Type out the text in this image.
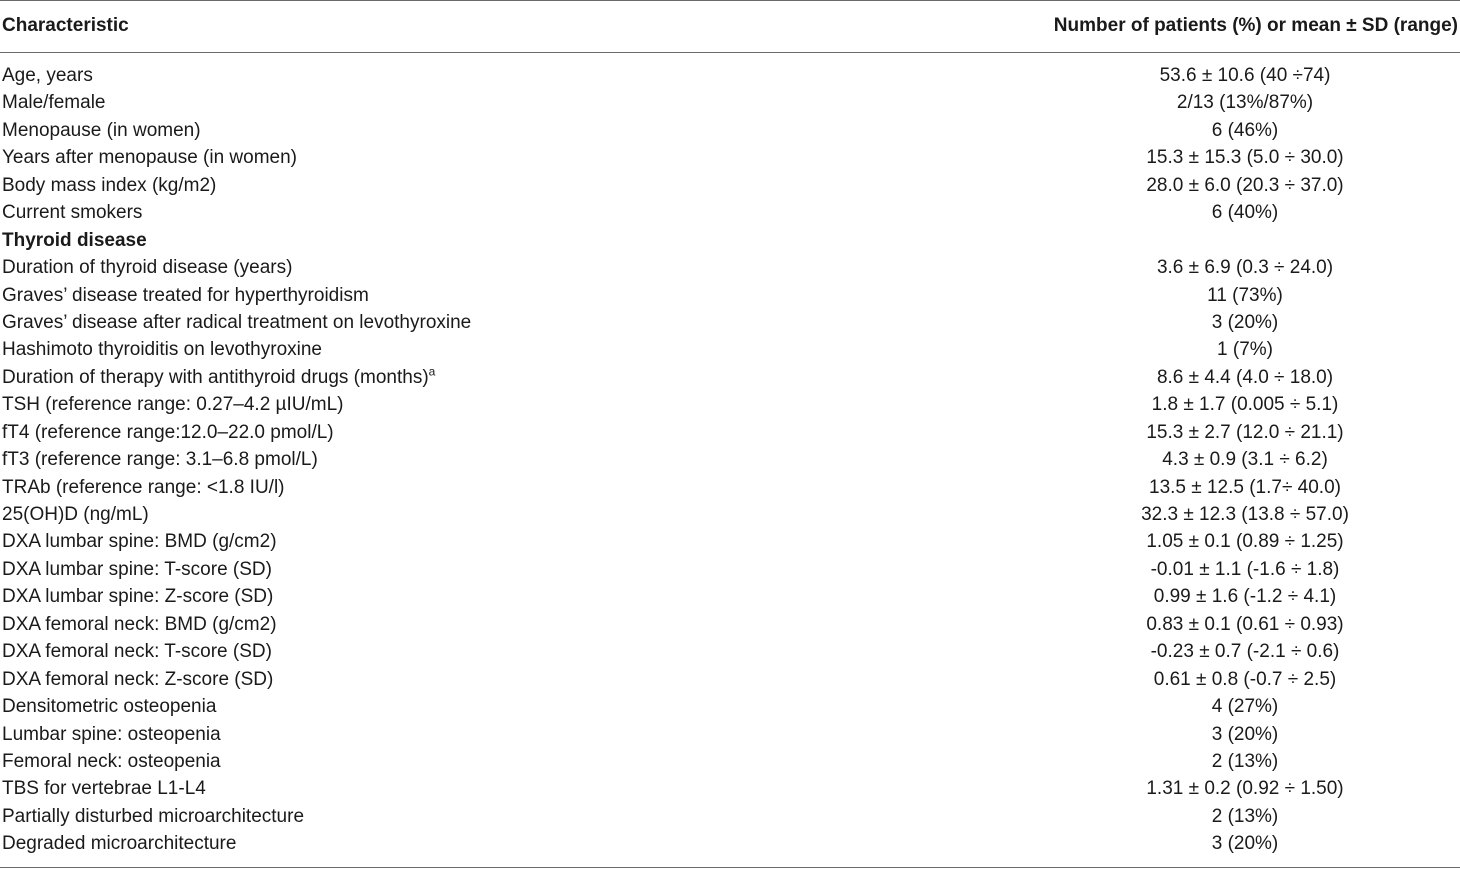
Characteristic	Number of patients (%) or mean ± SD (range)
Age, years	53.6 ± 10.6 (40 ÷74)
Male/female	2/13 (13%/87%)
Menopause (in women)	6 (46%)
Years after menopause (in women)	15.3 ± 15.3 (5.0 ÷ 30.0)
Body mass index (kg/m2)	28.0 ± 6.0 (20.3 ÷ 37.0)
Current smokers	6 (40%)
Thyroid disease
Duration of thyroid disease (years)	3.6 ± 6.9 (0.3 ÷ 24.0)
Graves’ disease treated for hyperthyroidism	11 (73%)
Graves’ disease after radical treatment on levothyroxine	3 (20%)
Hashimoto thyroiditis on levothyroxine	1 (7%)
Duration of therapy with antithyroid drugs (months)$^a$	8.6 ± 4.4 (4.0 ÷ 18.0)
TSH (reference range: 0.27–4.2 µIU/mL)	1.8 ± 1.7 (0.005 ÷ 5.1)
fT4 (reference range:12.0–22.0 pmol/L)	15.3 ± 2.7 (12.0 ÷ 21.1)
fT3 (reference range: 3.1–6.8 pmol/L)	4.3 ± 0.9 (3.1 ÷ 6.2)
TRAb (reference range: <1.8 IU/l)	13.5 ± 12.5 (1.7÷ 40.0)
25(OH)D (ng/mL)	32.3 ± 12.3 (13.8 ÷ 57.0)
DXA lumbar spine: BMD (g/cm2)	1.05 ± 0.1 (0.89 ÷ 1.25)
DXA lumbar spine: T-score (SD)	-0.01 ± 1.1 (-1.6 ÷ 1.8)
DXA lumbar spine: Z-score (SD)	0.99 ± 1.6 (-1.2 ÷ 4.1)
DXA femoral neck: BMD (g/cm2)	0.83 ± 0.1 (0.61 ÷ 0.93)
DXA femoral neck: T-score (SD)	-0.23 ± 0.7 (-2.1 ÷ 0.6)
DXA femoral neck: Z-score (SD)	0.61 ± 0.8 (-0.7 ÷ 2.5)
Densitometric osteopenia	4 (27%)
Lumbar spine: osteopenia	3 (20%)
Femoral neck: osteopenia	2 (13%)
TBS for vertebrae L1-L4	1.31 ± 0.2 (0.92 ÷ 1.50)
Partially disturbed microarchitecture	2 (13%)
Degraded microarchitecture	3 (20%)
